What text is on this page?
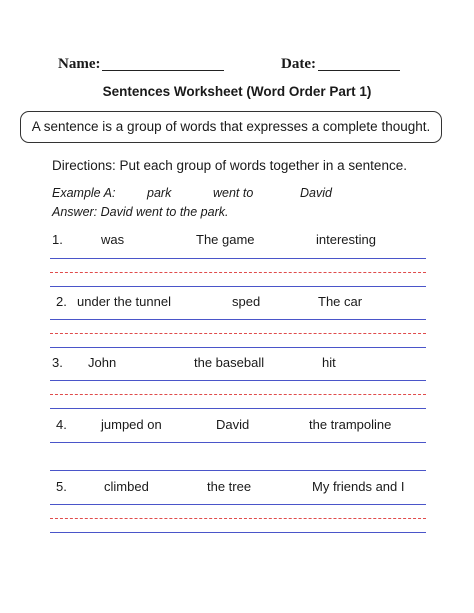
Name:	Date:
Sentences Worksheet (Word Order Part 1)
A sentence is a group of words that expresses a complete thought.
Directions: Put each group of words together in a sentence.
Example A:	park	went to	David
Answer: David went to the park.
1.	was	The game	interesting
2. under the tunnel	sped	The car
3. John	the baseball	hit
4.	jumped on	David	the trampoline
5.	climbed	the tree	My friends and I
